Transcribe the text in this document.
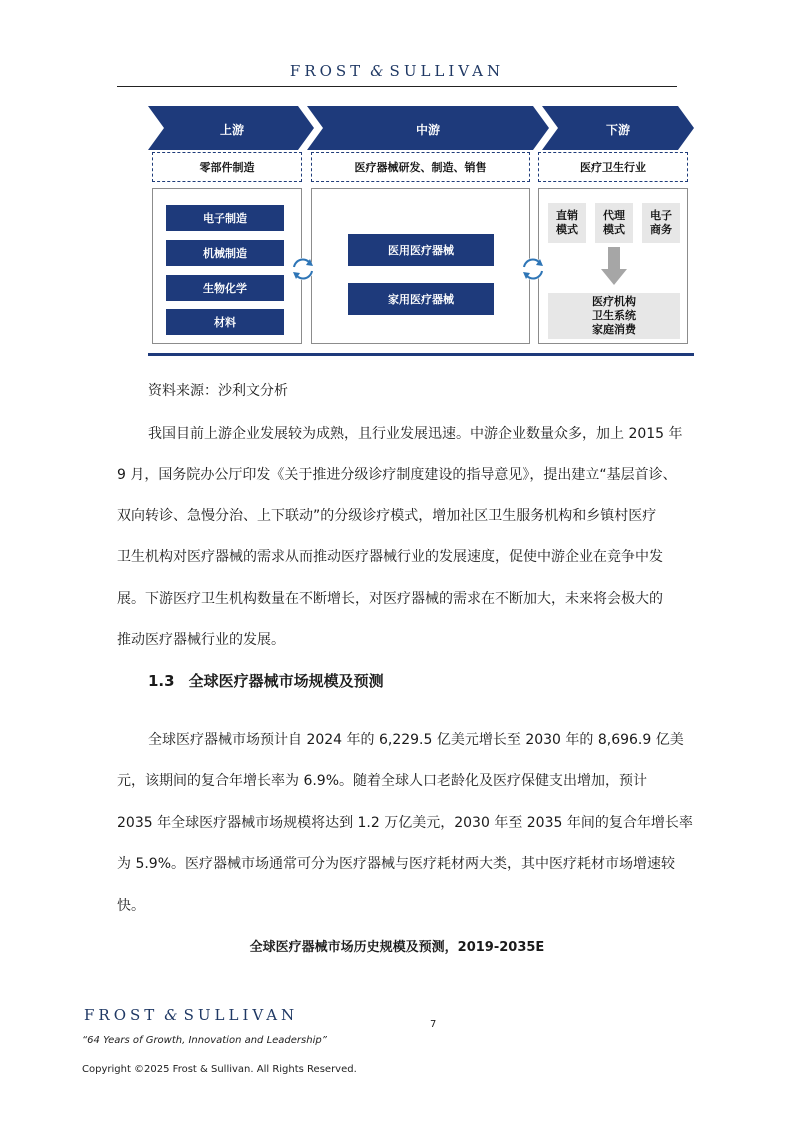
FROST & SULLIVAN
上游	中游	下游
零部件制造	医疗器械研发、制造、销售	医疗卫生行业
电子制造
机械制造
生物化学
材料
医用医疗器械
家用医疗器械
直销
模式
代理
模式
电子
商务
医疗机构
卫生系统
家庭消费
资料来源：沙利文分析
我国目前上游企业发展较为成熟，且行业发展迅速。中游企业数量众多，加上 2015 年
9 月，国务院办公厅印发《关于推进分级诊疗制度建设的指导意见》，提出建立“基层首诊、
双向转诊、急慢分治、上下联动”的分级诊疗模式，增加社区卫生服务机构和乡镇村医疗
卫生机构对医疗器械的需求从而推动医疗器械行业的发展速度，促使中游企业在竞争中发
展。下游医疗卫生机构数量在不断增长，对医疗器械的需求在不断加大，未来将会极大的
推动医疗器械行业的发展。
1.3 全球医疗器械市场规模及预测
全球医疗器械市场预计自 2024 年的 6,229.5 亿美元增长至 2030 年的 8,696.9 亿美
元，该期间的复合年增长率为 6.9%。随着全球人口老龄化及医疗保健支出增加，预计
2035 年全球医疗器械市场规模将达到 1.2 万亿美元，2030 年至 2035 年间的复合年增长率
为 5.9%。医疗器械市场通常可分为医疗器械与医疗耗材两大类，其中医疗耗材市场增速较
快。
全球医疗器械市场历史规模及预测，2019-2035E
FROST & SULLIVAN
7
“64 Years of Growth, Innovation and Leadership”
Copyright ©2025 Frost & Sullivan. All Rights Reserved.
